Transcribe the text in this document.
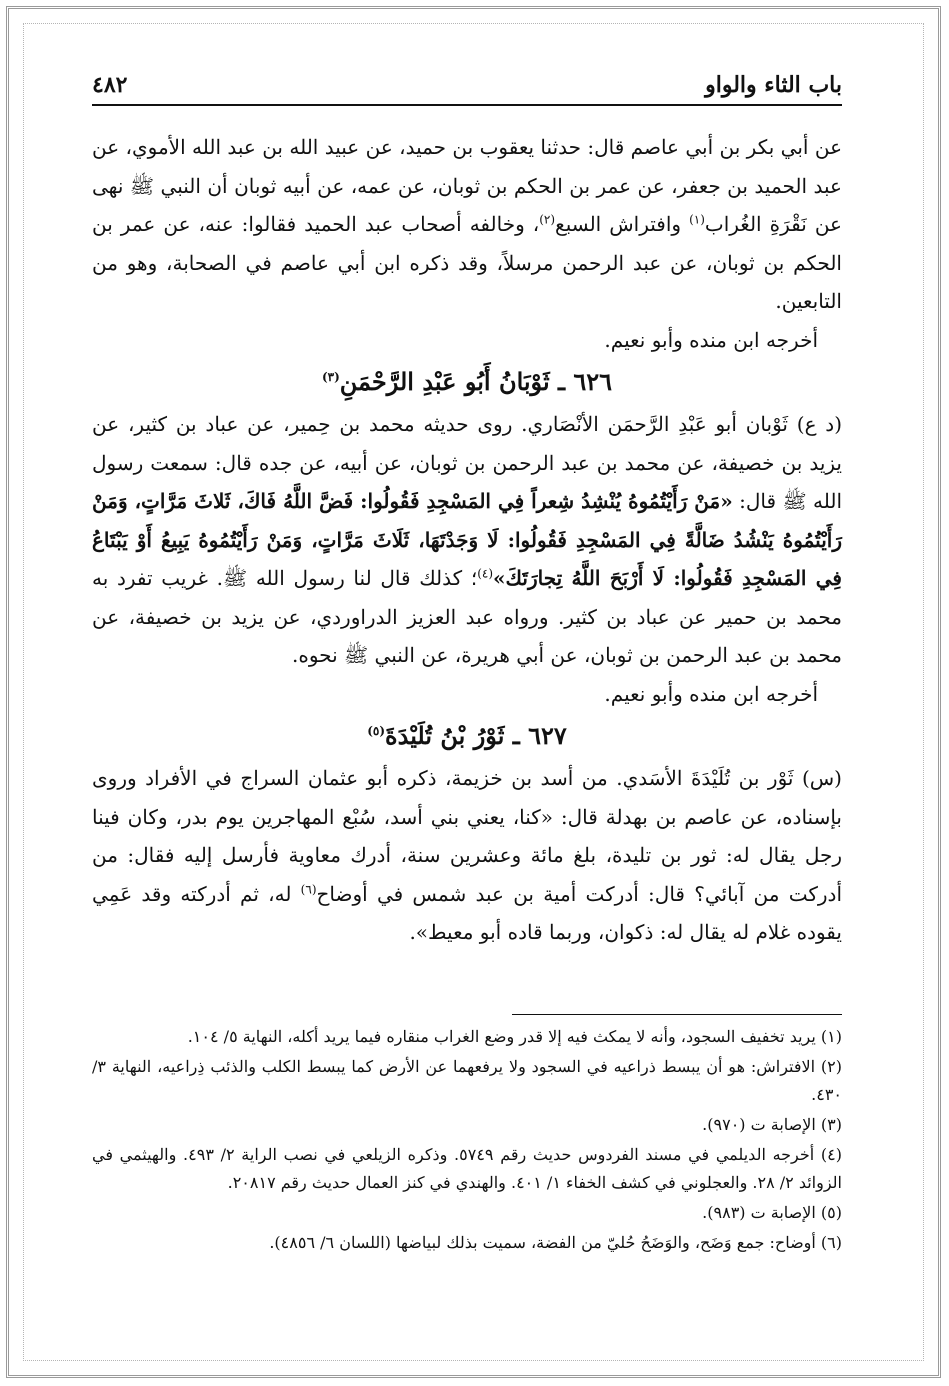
باب الثاء والواو
٤٨٢

عن أبي بكر بن أبي عاصم قال: حدثنا يعقوب بن حميد، عن عبيد الله بن عبد الله الأموي، عن عبد الحميد بن جعفر، عن عمر بن الحكم بن ثوبان، عن عمه، عن أبيه ثوبان أن النبي ﷺ نهى عن نَقْرَةِ الغُراب$^{(١)}$ وافتراش السبع$^{(٢)}$، وخالفه أصحاب عبد الحميد فقالوا: عنه، عن عمر بن الحكم بن ثوبان، عن عبد الرحمن مرسلاً، وقد ذكره ابن أبي عاصم في الصحابة، وهو من التابعين.

أخرجه ابن منده وأبو نعيم.

٦٢٦ ـ ثَوْبَانُ أَبُو عَبْدِ الرَّحْمَنِ$^{(٣)}$

(د ع) ثَوْبان أبو عَبْدِ الرَّحمَن الأنْصَاري. روى حديثه محمد بن حِمير، عن عباد بن كثير، عن يزيد بن خصيفة، عن محمد بن عبد الرحمن بن ثوبان، عن أبيه، عن جده قال: سمعت رسول الله ﷺ قال: «مَنْ رَأَيْتُمُوهُ يُنْشِدُ شِعراً فِي المَسْجِدِ فَقُولُوا: فَضَّ اللَّهُ فَاكَ، ثَلاثَ مَرَّاتٍ، وَمَنْ رَأَيْتُمُوهُ يَنْشُدُ ضَالَّةً فِي المَسْجِدِ فَقُولُوا: لَا وَجَدْتَهَا، ثَلَاثَ مَرَّاتٍ، وَمَنْ رَأَيْتُمُوهُ يَبِيعُ أَوْ يَبْتَاعُ فِي المَسْجِدِ فَقُولُوا: لَا أَرْبَحَ اللَّهُ تِجارَتَكَ»$^{(٤)}$؛ كذلك قال لنا رسول الله ﷺ. غريب تفرد به محمد بن حمير عن عباد بن كثير. ورواه عبد العزيز الدراوردي، عن يزيد بن خصيفة، عن محمد بن عبد الرحمن بن ثوبان، عن أبي هريرة، عن النبي ﷺ نحوه.

أخرجه ابن منده وأبو نعيم.

٦٢٧ ـ ثَوْرُ بْنُ تُلَيْدَةَ$^{(٥)}$

(س) ثَوْر بن تُلَيْدَةَ الأسَدي. من أسد بن خزيمة، ذكره أبو عثمان السراج في الأفراد وروى بإسناده، عن عاصم بن بهدلة قال: «كنا، يعني بني أسد، سُبْع المهاجرين يوم بدر، وكان فينا رجل يقال له: ثور بن تليدة، بلغ مائة وعشرين سنة، أدرك معاوية فأرسل إليه فقال: من أدركت من آبائي؟ قال: أدركت أمية بن عبد شمس في أوضاح$^{(٦)}$ له، ثم أدركته وقد عَمِي يقوده غلام له يقال له: ذكوان، وربما قاده أبو معيط».

(١) يريد تخفيف السجود، وأنه لا يمكث فيه إلا قدر وضع الغراب منقاره فيما يريد أكله، النهاية ٥/ ١٠٤.

(٢) الافتراش: هو أن يبسط ذراعيه في السجود ولا يرفعهما عن الأرض كما يبسط الكلب والذئب ذِراعيه، النهاية ٣/ ٤٣٠.

(٣) الإصابة ت (٩٧٠).

(٤) أخرجه الديلمي في مسند الفردوس حديث رقم ٥٧٤٩. وذكره الزيلعي في نصب الراية ٢/ ٤٩٣. والهيثمي في الزوائد ٢/ ٢٨. والعجلوني في كشف الخفاء ١/ ٤٠١. والهندي في كنز العمال حديث رقم ٢٠٨١٧.

(٥) الإصابة ت (٩٨٣).

(٦) أوضاح: جمع وَضَح، والوَضَحُ حُليّ من الفضة، سميت بذلك لبياضها (اللسان ٦/ ٤٨٥٦).
